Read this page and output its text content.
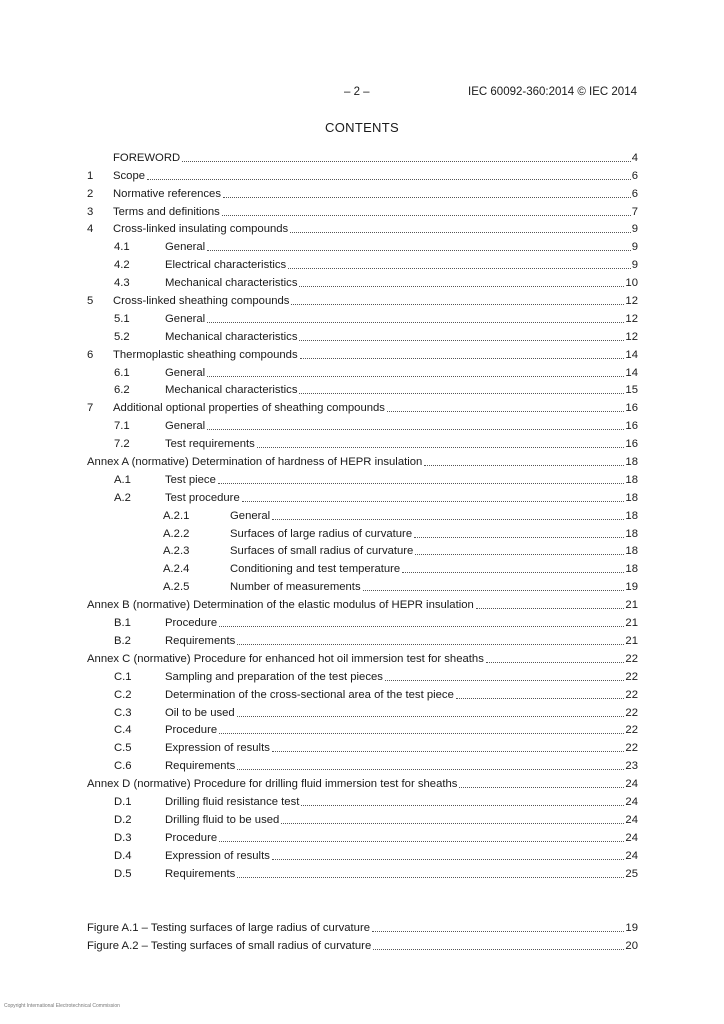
– 2 –	IEC 60092-360:2014 © IEC 2014
CONTENTS
FOREWORD	4
1	Scope	6
2	Normative references	6
3	Terms and definitions	7
4	Cross-linked insulating compounds	9
4.1	General	9
4.2	Electrical characteristics	9
4.3	Mechanical characteristics	10
5	Cross-linked sheathing compounds	12
5.1	General	12
5.2	Mechanical characteristics	12
6	Thermoplastic sheathing compounds	14
6.1	General	14
6.2	Mechanical characteristics	15
7	Additional optional properties of sheathing compounds	16
7.1	General	16
7.2	Test requirements	16
Annex A (normative) Determination of hardness of HEPR insulation	18
A.1	Test piece	18
A.2	Test procedure	18
A.2.1	General	18
A.2.2	Surfaces of large radius of curvature	18
A.2.3	Surfaces of small radius of curvature	18
A.2.4	Conditioning and test temperature	18
A.2.5	Number of measurements	19
Annex B (normative) Determination of the elastic modulus of HEPR insulation	21
B.1	Procedure	21
B.2	Requirements	21
Annex C (normative) Procedure for enhanced hot oil immersion test for sheaths	22
C.1	Sampling and preparation of the test pieces	22
C.2	Determination of the cross-sectional area of the test piece	22
C.3	Oil to be used	22
C.4	Procedure	22
C.5	Expression of results	22
C.6	Requirements	23
Annex D (normative) Procedure for drilling fluid immersion test for sheaths	24
D.1	Drilling fluid resistance test	24
D.2	Drilling fluid to be used	24
D.3	Procedure	24
D.4	Expression of results	24
D.5	Requirements	25
Figure A.1 – Testing surfaces of large radius of curvature	19
Figure A.2 – Testing surfaces of small radius of curvature	20
Copyright International Electrotechnical Commission
